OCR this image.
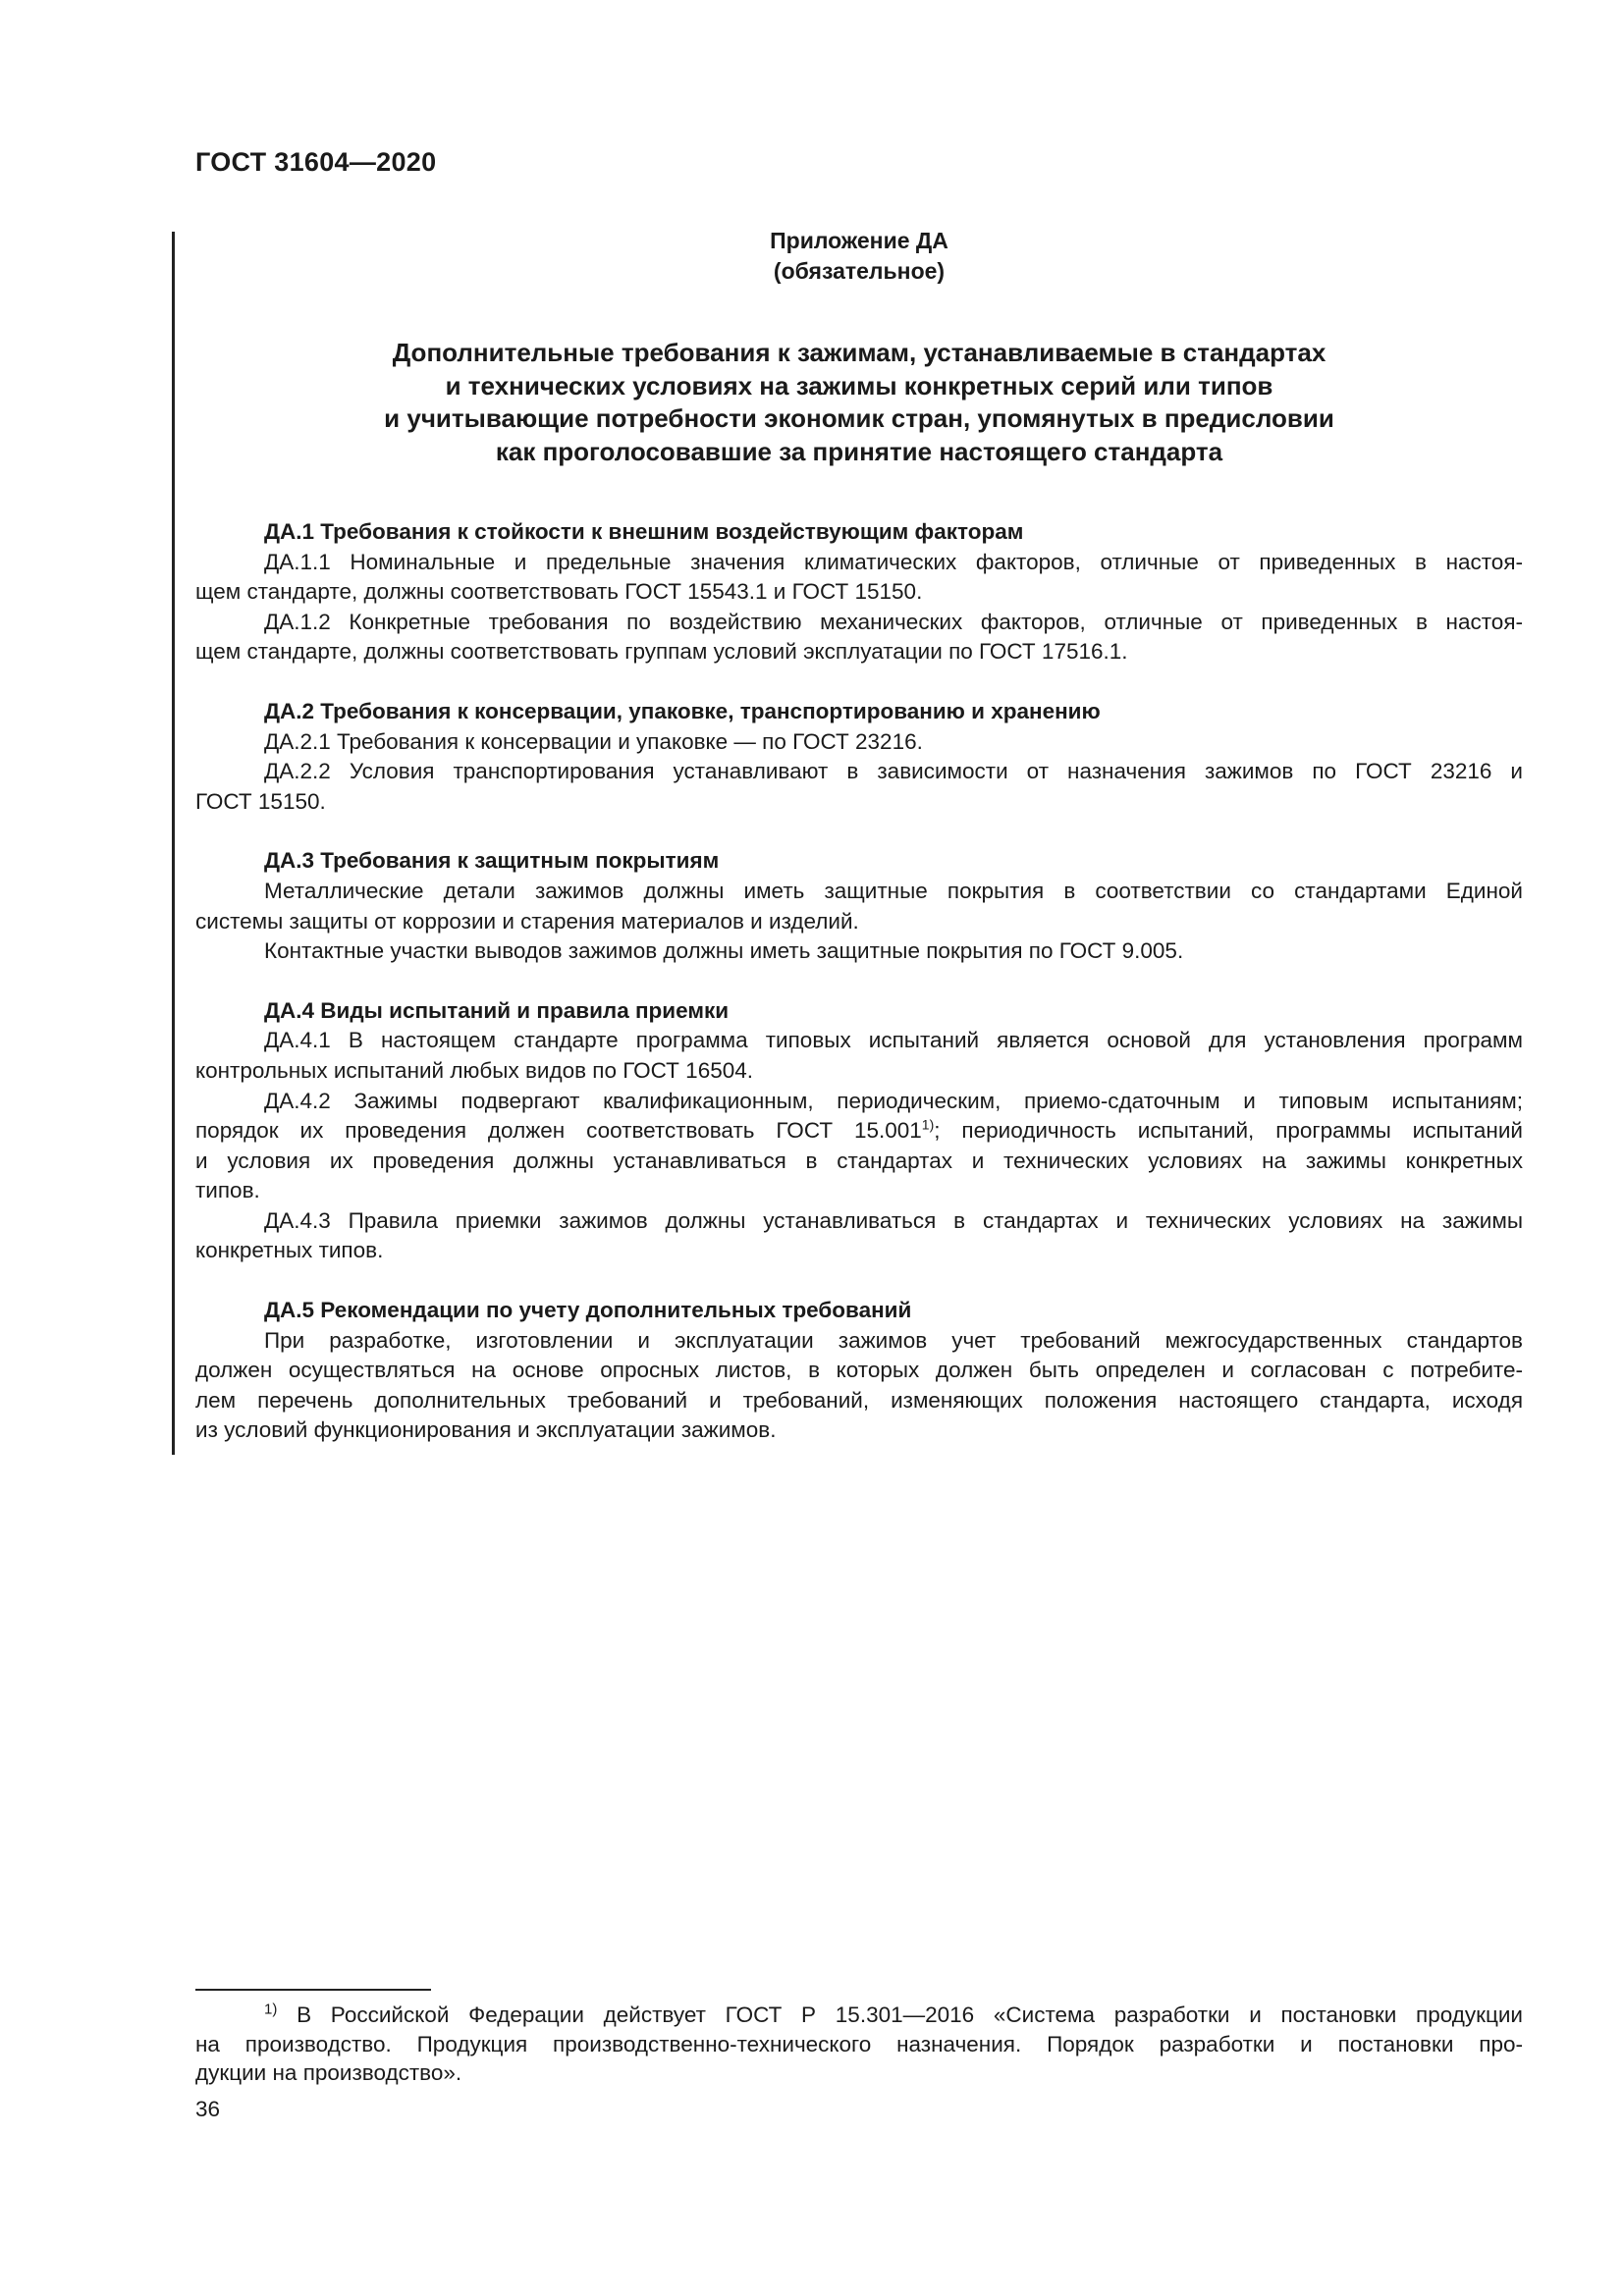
ГОСТ 31604—2020
Приложение ДА
(обязательное)
Дополнительные требования к зажимам, устанавливаемые в стандартах
и технических условиях на зажимы конкретных серий или типов
и учитывающие потребности экономик стран, упомянутых в предисловии
как проголосовавшие за принятие настоящего стандарта
ДА.1 Требования к стойкости к внешним воздействующим факторам
ДА.1.1 Номинальные и предельные значения климатических факторов, отличные от приведенных в настоя-
щем стандарте, должны соответствовать ГОСТ 15543.1 и ГОСТ 15150.
ДА.1.2 Конкретные требования по воздействию механических факторов, отличные от приведенных в настоя-
щем стандарте, должны соответствовать группам условий эксплуатации по ГОСТ 17516.1.
ДА.2 Требования к консервации, упаковке, транспортированию и хранению
ДА.2.1 Требования к консервации и упаковке — по ГОСТ 23216.
ДА.2.2 Условия транспортирования устанавливают в зависимости от назначения зажимов по ГОСТ 23216 и
ГОСТ 15150.
ДА.3 Требования к защитным покрытиям
Металлические детали зажимов должны иметь защитные покрытия в соответствии со стандартами Единой
системы защиты от коррозии и старения материалов и изделий.
Контактные участки выводов зажимов должны иметь защитные покрытия по ГОСТ 9.005.
ДА.4 Виды испытаний и правила приемки
ДА.4.1 В настоящем стандарте программа типовых испытаний является основой для установления программ
контрольных испытаний любых видов по ГОСТ 16504.
ДА.4.2 Зажимы подвергают квалификационным, периодическим, приемо-сдаточным и типовым испытаниям;
порядок их проведения должен соответствовать ГОСТ 15.001$^{1)}$; периодичность испытаний, программы испытаний
и условия их проведения должны устанавливаться в стандартах и технических условиях на зажимы конкретных
типов.
ДА.4.3 Правила приемки зажимов должны устанавливаться в стандартах и технических условиях на зажимы
конкретных типов.
ДА.5 Рекомендации по учету дополнительных требований
При разработке, изготовлении и эксплуатации зажимов учет требований межгосударственных стандартов
должен осуществляться на основе опросных листов, в которых должен быть определен и согласован с потребите-
лем перечень дополнительных требований и требований, изменяющих положения настоящего стандарта, исходя
из условий функционирования и эксплуатации зажимов.
$^{1)}$ В Российской Федерации действует ГОСТ Р 15.301—2016 «Система разработки и постановки продукции
на производство. Продукция производственно-технического назначения. Порядок разработки и постановки про-
дукции на производство».
36
